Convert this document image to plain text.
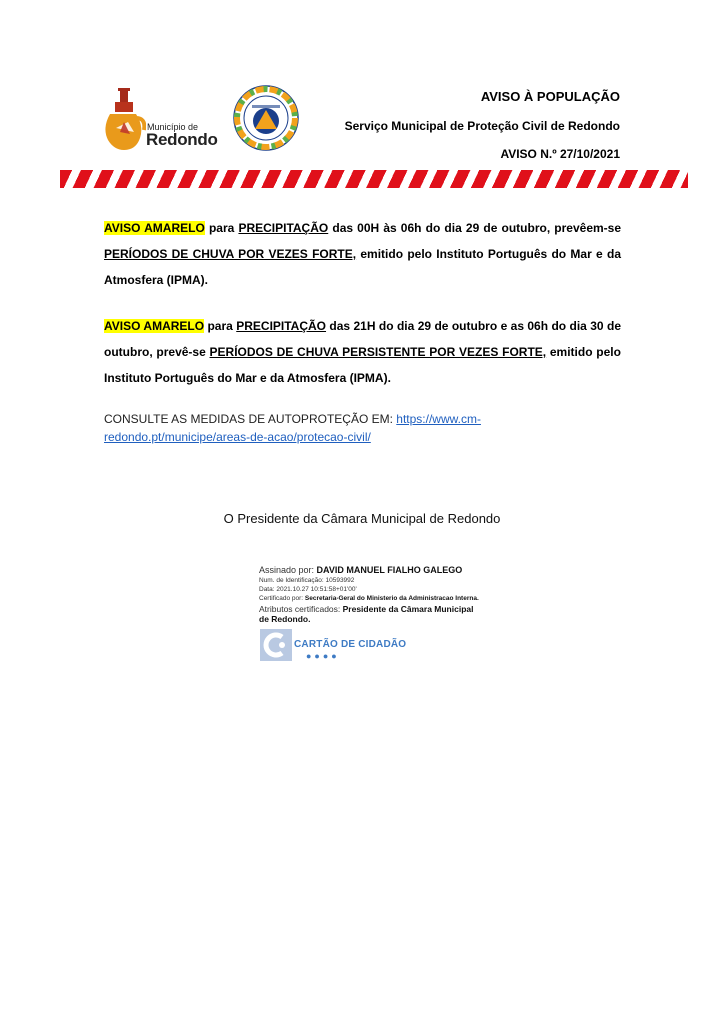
Município de
Redondo
AVISO À POPULAÇÃO
Serviço Municipal de Proteção Civil de Redondo
AVISO N.º 27/10/2021
AVISO AMARELO para PRECIPITAÇÃO das 00H às 06h do dia 29 de outubro, prevêem-se PERÍODOS DE CHUVA POR VEZES FORTE, emitido pelo Instituto Português do Mar e da Atmosfera (IPMA).
AVISO AMARELO para PRECIPITAÇÃO das 21H do dia 29 de outubro e as 06h do dia 30 de outubro, prevê-se PERÍODOS DE CHUVA PERSISTENTE POR VEZES FORTE, emitido pelo Instituto Português do Mar e da Atmosfera (IPMA).
CONSULTE AS MEDIDAS DE AUTOPROTEÇÃO EM: https://www.cm-redondo.pt/municipe/areas-de-acao/protecao-civil/
O Presidente da Câmara Municipal de Redondo
Assinado por: DAVID MANUEL FIALHO GALEGO
Num. de Identificação: 10593992
Data: 2021.10.27 10:51:58+01'00'
Certificado por: Secretaria-Geral do Ministerio da Administracao Interna.
Atributos certificados: Presidente da Câmara Municipal de Redondo.
CARTÃO DE CIDADÃO
●●●●
